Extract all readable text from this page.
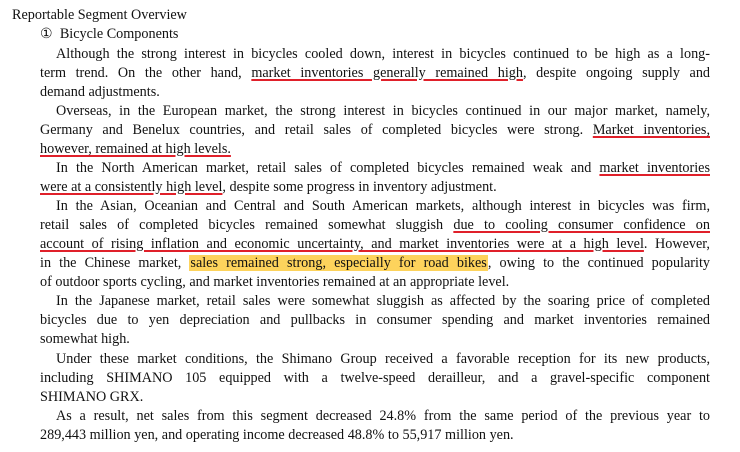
Reportable Segment Overview
① Bicycle Components
Although the strong interest in bicycles cooled down, interest in bicycles continued to be high as a long-
term trend. On the other hand, market inventories generally remained high, despite ongoing supply and
demand adjustments.
Overseas, in the European market, the strong interest in bicycles continued in our major market, namely,
Germany and Benelux countries, and retail sales of completed bicycles were strong. Market inventories,
however, remained at high levels.
In the North American market, retail sales of completed bicycles remained weak and market inventories
were at a consistently high level, despite some progress in inventory adjustment.
In the Asian, Oceanian and Central and South American markets, although interest in bicycles was firm,
retail sales of completed bicycles remained somewhat sluggish due to cooling consumer confidence on
account of rising inflation and economic uncertainty, and market inventories were at a high level. However,
in the Chinese market, sales remained strong, especially for road bikes, owing to the continued popularity
of outdoor sports cycling, and market inventories remained at an appropriate level.
In the Japanese market, retail sales were somewhat sluggish as affected by the soaring price of completed
bicycles due to yen depreciation and pullbacks in consumer spending and market inventories remained
somewhat high.
Under these market conditions, the Shimano Group received a favorable reception for its new products,
including SHIMANO 105 equipped with a twelve-speed derailleur, and a gravel-specific component
SHIMANO GRX.
As a result, net sales from this segment decreased 24.8% from the same period of the previous year to
289,443 million yen, and operating income decreased 48.8% to 55,917 million yen.
